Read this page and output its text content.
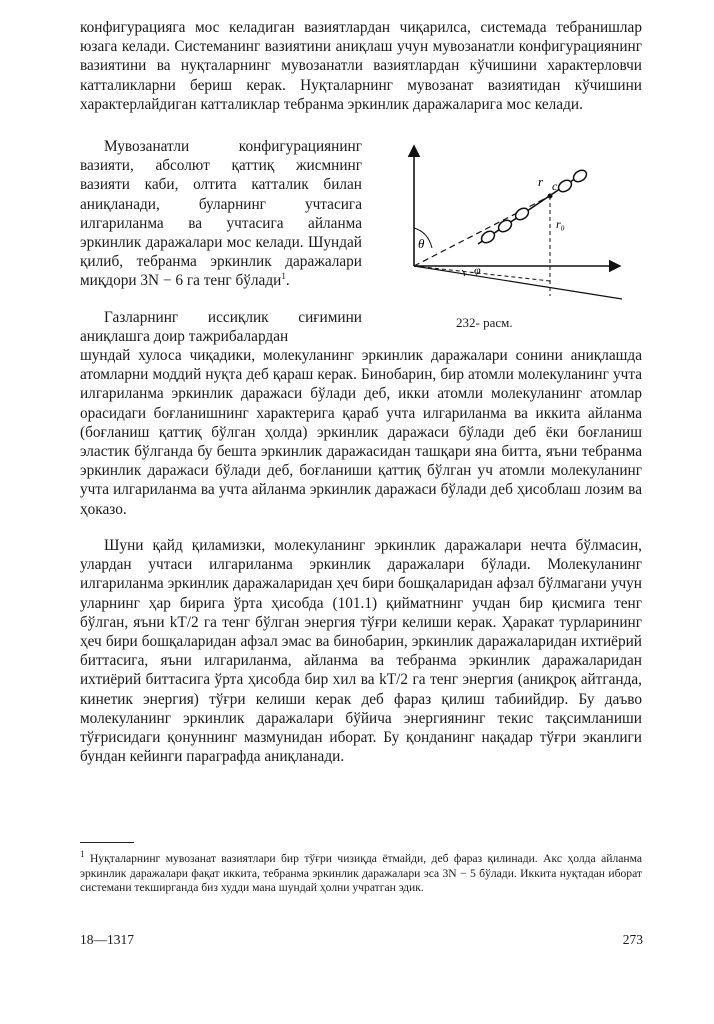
конфигурацияга мос келадиган вазиятлардан чиқарилса, системада тебранишлар юзага келади. Системанинг вазиятини аниқлаш учун мувозанатли конфигурациянинг вазиятини ва нуқталарнинг мувозанатли вазиятлардан кўчишини характерловчи катталикларни бериш керак. Нуқталарнинг мувозанат вазиятидан кўчишини характерлайдиган катталиклар тебранма эркинлик даражаларига мос келади.

Мувозанатли конфигурациянинг вазияти, абсолют қаттиқ жисмнинг вазияти каби, олтита катталик билан аниқланади, буларнинг учтасига илгариланма ва учтасига айланма эркинлик даражалари мос келади. Шундай қилиб, тебранма эркинлик даражалари миқдори 3N − 6 га тенг бўлади$^1$.

Газларнинг иссиқлик сиғимини аниқлашга доир тажрибалардан

шундай хулоса чиқадики, молекуланинг эркинлик даражалари сонини аниқлашда атомларни моддий нуқта деб қараш керак. Бинобарин, бир атомли молекуланинг учта илгариланма эркинлик даражаси бўлади деб, икки атомли молекуланинг атомлар орасидаги боғланишнинг характерига қараб учта илгариланма ва иккита айланма (боғланиш қаттиқ бўлган ҳолда) эркинлик даражаси бўлади деб ёки боғланиш эластик бўлганда бу бешта эркинлик даражасидан ташқари яна битта, яъни тебранма эркинлик даражаси бўлади деб, боғланиши қаттиқ бўлган уч атомли молекуланинг учта илгариланма ва учта айланма эркинлик даражаси бўлади деб ҳисоблаш лозим ва ҳоказо.

Шуни қайд қиламизки, молекуланинг эркинлик даражалари нечта бўлмасин, улардан учтаси илгариланма эркинлик даражалари бўлади. Молекуланинг илгариланма эркинлик даражаларидан ҳеч бири бошқаларидан афзал бўлмагани учун уларнинг ҳар бирига ўрта ҳисобда (101.1) қийматнинг учдан бир қисмига тенг бўлган, яъни kT/2 га тенг бўлган энергия тўғри келиши керак. Ҳаракат турларининг ҳеч бири бошқаларидан афзал эмас ва бинобарин, эркинлик даражаларидан ихтиёрий биттасига, яъни илгариланма, айланма ва тебранма эркинлик даражаларидан ихтиёрий биттасига ўрта ҳисобда бир хил ва kT/2 га тенг энергия (аниқроқ айтганда, кинетик энергия) тўғри келиши керак деб фараз қилиш табиийдир. Бу даъво молекуланинг эркинлик даражалари бўйича энергиянинг текис тақсимланиши тўғрисидаги қонуннинг мазмунидан иборат. Бу қонданинг нақадар тўғри эканлиги бундан кейинги параграфда аниқланади.

r c
r₀
θ
φ
232- расм.

$^1$ Нуқталарнинг мувозанат вазиятлари бир тўғри чизиқда ётмайди, деб фараз қилинади. Акс ҳолда айланма эркинлик даражалари фақат иккита, тебранма эркинлик даражалари эса 3N − 5 бўлади. Иккита нуқтадан иборат системани текширганда биз худди мана шундай ҳолни учратган эдик.

18—1317	273
